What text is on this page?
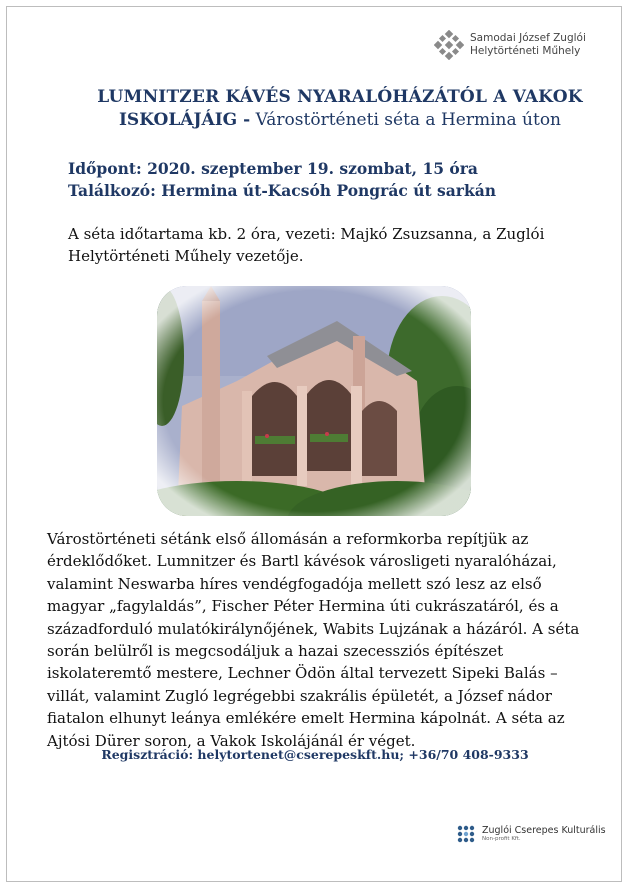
Samodai József Zuglói
Helytörténeti Műhely
LUMNITZER KÁVÉS NYARALÓHÁZÁTÓL A VAKOK
ISKOLÁJÁIG - Várostörténeti séta a Hermina úton
Időpont: 2020. szeptember 19. szombat, 15 óra
Találkozó: Hermina út-Kacsóh Pongrác út sarkán
A séta időtartama kb. 2 óra, vezeti: Majkó Zsuzsanna, a Zuglói Helytörténeti Műhely vezetője.
Várostörténeti sétánk első állomásán a reformkorba repítjük az érdeklődőket. Lumnitzer és Bartl kávésok városligeti nyaralóházai, valamint Neswarba híres vendégfogadója mellett szó lesz az első magyar „fagylaldás”, Fischer Péter Hermina úti cukrászatáról, és a századforduló mulatókirálynőjének, Wabits Lujzának a házáról. A séta során belülről is megcsodáljuk a hazai szecessziós építészet iskolateremtő mestere, Lechner Ödön által tervezett Sipeki Balás – villát, valamint Zugló legrégebbi szakrális épületét, a József nádor fiatalon elhunyt leánya emlékére emelt Hermina kápolnát. A séta az Ajtósi Dürer soron, a Vakok Iskolájánál ér véget.
Regisztráció: helytortenet@cserepeskft.hu; +36/70 408-9333
Zuglói Cserepes Kulturális
Non-profit Kft.
